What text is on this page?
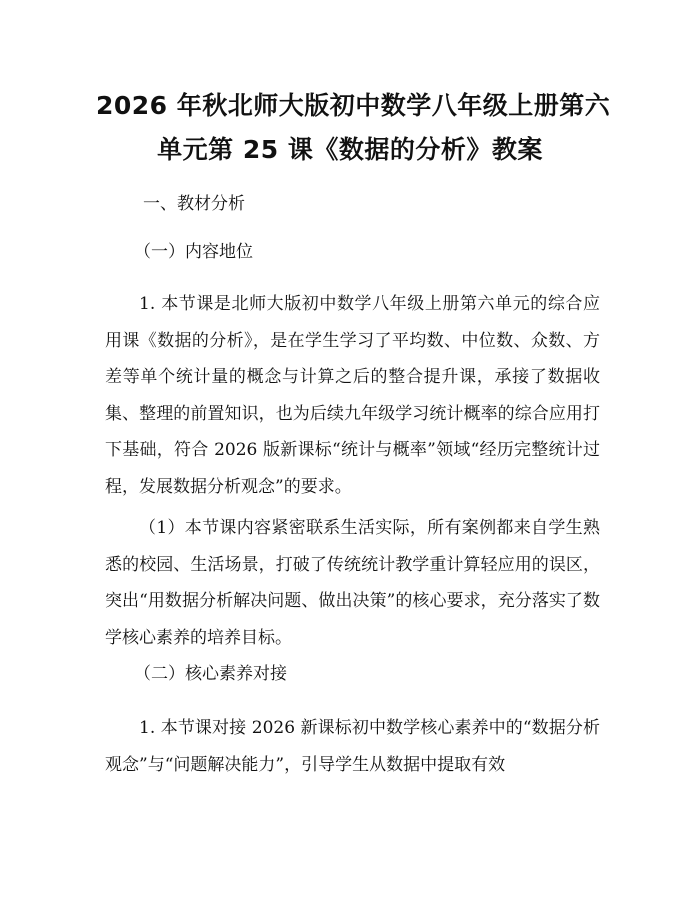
2026 年秋北师大版初中数学八年级上册第六
单元第 25 课《数据的分析》教案
一、教材分析
（一）内容地位

1. 本节课是北师大版初中数学八年级上册第六单元的综合应用课《数据的分析》，是在学生学习了平均数、中位数、众数、方差等单个统计量的概念与计算之后的整合提升课，承接了数据收集、整理的前置知识，也为后续九年级学习统计概率的综合应用打下基础，符合 2026 版新课标“统计与概率”领域“经历完整统计过程，发展数据分析观念”的要求。

（1）本节课内容紧密联系生活实际，所有案例都来自学生熟悉的校园、生活场景，打破了传统统计教学重计算轻应用的误区，突出“用数据分析解决问题、做出决策”的核心要求，充分落实了数学核心素养的培养目标。

（二）核心素养对接

1. 本节课对接 2026 新课标初中数学核心素养中的“数据分析观念”与“问题解决能力”，引导学生从数据中提取有效
